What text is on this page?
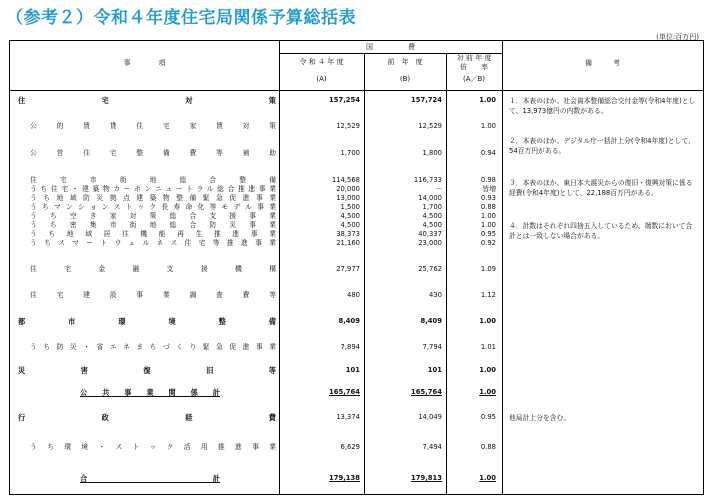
（参考２）令和４年度住宅局関係予算総括表
(単位:百万円)
事　　　　項
国　　　　　費
令 和 ４ 年 度
(A)
前　年　度
(B)
対 前 年 度
倍　　率
(A／B)
備　　　考
住宅対策	157,254	157,724	1.00
公的賃貸住宅家賃対策	12,529	12,529	1.00
公営住宅整備費等補助	1,700	1,800	0.94
住宅市街地総合整備	114,568	116,733	0.98
うち住宅・建築物カーボンニュートラル総合推進事業	20,000	－	皆増
うち地域防災拠点建築物整備緊急促進事業	13,000	14,000	0.93
うちマンションストック長寿命化等モデル事業	1,500	1,700	0.88
うち空き家対策総合支援事業	4,500	4,500	1.00
うち密集市街地総合防災事業	4,500	4,500	1.00
うち地域居住機能再生推進事業	38,373	40,337	0.95
うちスマートウェルネス住宅等推進事業	21,160	23,000	0.92
住宅金融支援機構	27,977	25,762	1.09
住宅建設事業調査費等	480	430	1.12
都市環境整備	8,409	8,409	1.00
うち防災・省エネまちづくり緊急促進事業	7,894	7,794	1.01
災害復旧等	101	101	1.00
公共事業関係計	165,764	165,764	1.00
行政経費	13,374	14,049	0.95
うち環境・ストック活用推進事業	6,629	7,494	0.88
合計	179,138	179,813	1.00
１．本表のほか、社会資本整備総合交付金等(令和4年度)として、13,973億円の内数がある。
２．本表のほか、デジタル庁一括計上分(令和4年度)として、54百万円がある。
３．本表のほか、東日本大震災からの復旧・復興対策に係る経費(令和4年度)として、22,188百万円がある。
４．計数はそれぞれ四捨五入しているため、端数において合計とは一致しない場合がある。
他局計上分を含む。
